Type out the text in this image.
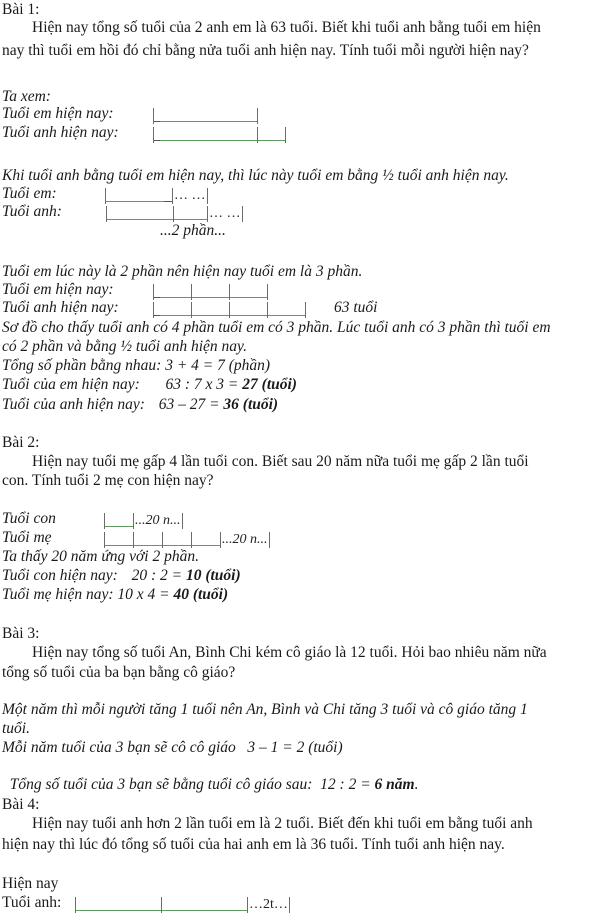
Bài 1:
Hiện nay tổng số tuổi của 2 anh em là 63 tuổi. Biết khi tuổi anh bằng tuổi em hiện
nay thì tuổi em hồi đó chỉ bằng nửa tuổi anh hiện nay. Tính tuổi mỗi người hiện nay?
Ta xem:
Tuổi em hiện nay:
Tuổi anh hiện nay:
Khi tuổi anh bằng tuổi em hiện nay, thì lúc này tuổi em bằng ½ tuổi anh hiện nay.
Tuổi em:	… …
Tuổi anh:	… …
...2 phần...
Tuổi em lúc này là 2 phần nên hiện nay tuổi em là 3 phần.
Tuổi em hiện nay:
Tuổi anh hiện nay:	63 tuổi
Sơ đồ cho thấy tuổi anh có 4 phần tuổi em có 3 phần. Lúc tuổi anh có 3 phần thì tuổi em
có 2 phần và bằng ½ tuổi anh hiện nay.
Tổng số phần bằng nhau: 3 + 4 = 7 (phần)
Tuổi của em hiện nay: 63 : 7 x 3 = 27 (tuổi)
Tuổi của anh hiện nay: 63 – 27 = 36 (tuổi)
Bài 2:
Hiện nay tuổi mẹ gấp 4 lần tuổi con. Biết sau 20 năm nữa tuổi mẹ gấp 2 lần tuổi
con. Tính tuổi 2 mẹ con hiện nay?
Tuổi con	...20 n...
Tuổi mẹ	...20 n...
Ta thấy 20 năm ứng với 2 phần.
Tuổi con hiện nay: 20 : 2 = 10 (tuổi)
Tuổi mẹ hiện nay: 10 x 4 = 40 (tuổi)
Bài 3:
Hiện nay tổng số tuổi An, Bình Chi kém cô giáo là 12 tuổi. Hỏi bao nhiêu năm nữa
tổng số tuổi của ba bạn bằng cô giáo?
Một năm thì mỗi người tăng 1 tuổi nên An, Bình và Chi tăng 3 tuổi và cô giáo tăng 1
tuổi.
Mỗi năm tuổi của 3 bạn sẽ cô cô giáo   3 – 1 = 2 (tuổi)

Tổng số tuổi của 3 bạn sẽ bằng tuổi cô giáo sau:  12 : 2 = 6 năm.

Bài 4:
Hiện nay tuổi anh hơn 2 lần tuổi em là 2 tuổi. Biết đến khi tuổi em bằng tuổi anh
hiện nay thì lúc đó tổng số tuổi của hai anh em là 36 tuổi. Tính tuổi anh hiện nay.
Hiện nay
Tuổi anh:	…2t…
